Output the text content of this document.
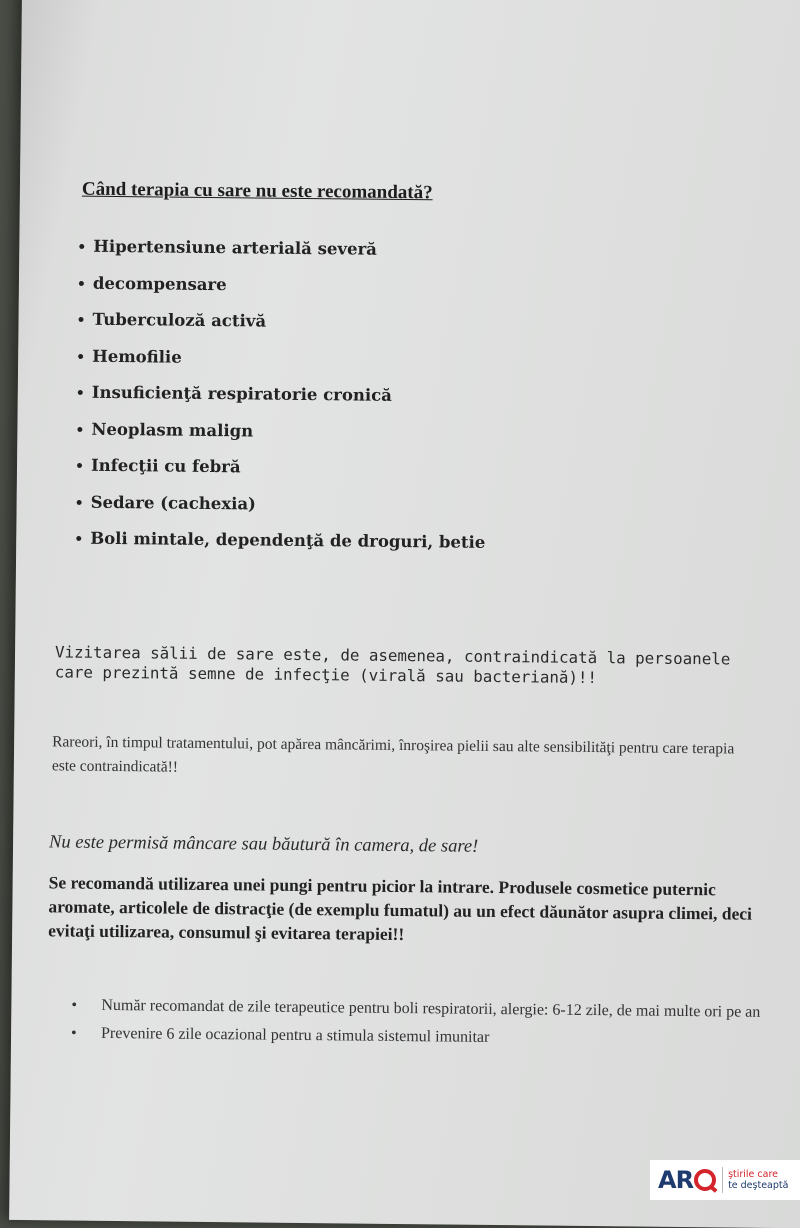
Când terapia cu sare nu este recomandată?
• Hipertensiune arterială severă
• decompensare
• Tuberculoză activă
• Hemofilie
• Insuficienţă respiratorie cronică
• Neoplasm malign
• Infecţii cu febră
• Sedare (cachexia)
• Boli mintale, dependenţă de droguri, betie
Vizitarea sălii de sare este, de asemenea, contraindicată la persoanele care prezintă semne de infecţie (virală sau bacteriană)!!
Rareori, în timpul tratamentului, pot apărea mâncărimi, înroşirea pielii sau alte sensibilităţi pentru care terapia este contraindicată!!
Nu este permisă mâncare sau băutură în camera, de sare!
Se recomandă utilizarea unei pungi pentru picior la intrare. Produsele cosmetice puternic aromate, articolele de distracţie (de exemplu fumatul) au un efect dăunător asupra climei, deci evitaţi utilizarea, consumul şi evitarea terapiei!!
• Număr recomandat de zile terapeutice pentru boli respiratorii, alergie: 6-12 zile, de mai multe ori pe an
• Prevenire 6 zile ocazional pentru a stimula sistemul imunitar
AR	ştirile care
te deşteaptă
